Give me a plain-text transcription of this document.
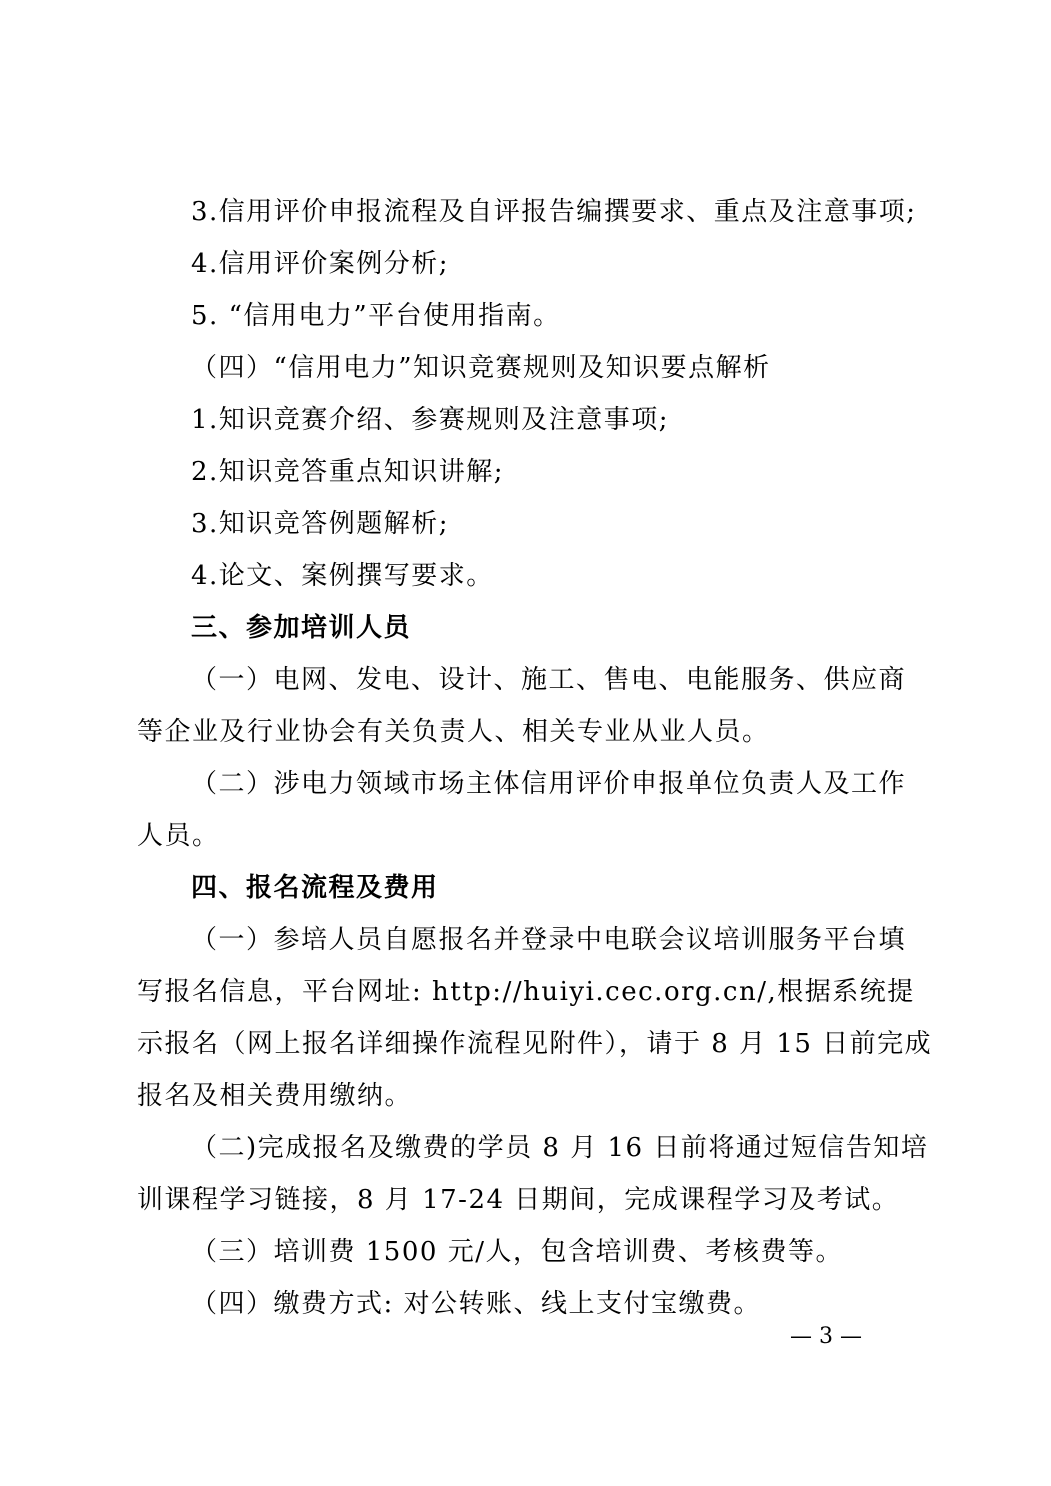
3.信用评价申报流程及自评报告编撰要求、重点及注意事项;
4.信用评价案例分析;
5. “信用电力”平台使用指南。
（四）“信用电力”知识竞赛规则及知识要点解析
1.知识竞赛介绍、参赛规则及注意事项;
2.知识竞答重点知识讲解;
3.知识竞答例题解析;
4.论文、案例撰写要求。
三、参加培训人员
（一）电网、发电、设计、施工、售电、电能服务、供应商
等企业及行业协会有关负责人、相关专业从业人员。
（二）涉电力领域市场主体信用评价申报单位负责人及工作
人员。
四、报名流程及费用
（一）参培人员自愿报名并登录中电联会议培训服务平台填
写报名信息，平台网址: http://huiyi.cec.org.cn/,根据系统提
示报名（网上报名详细操作流程见附件），请于 8 月 15 日前完成
报名及相关费用缴纳。
（二)完成报名及缴费的学员 8 月 16 日前将通过短信告知培
训课程学习链接，8 月 17-24 日期间，完成课程学习及考试。
（三）培训费 1500 元/人，包含培训费、考核费等。
（四）缴费方式: 对公转账、线上支付宝缴费。
— 3 —
